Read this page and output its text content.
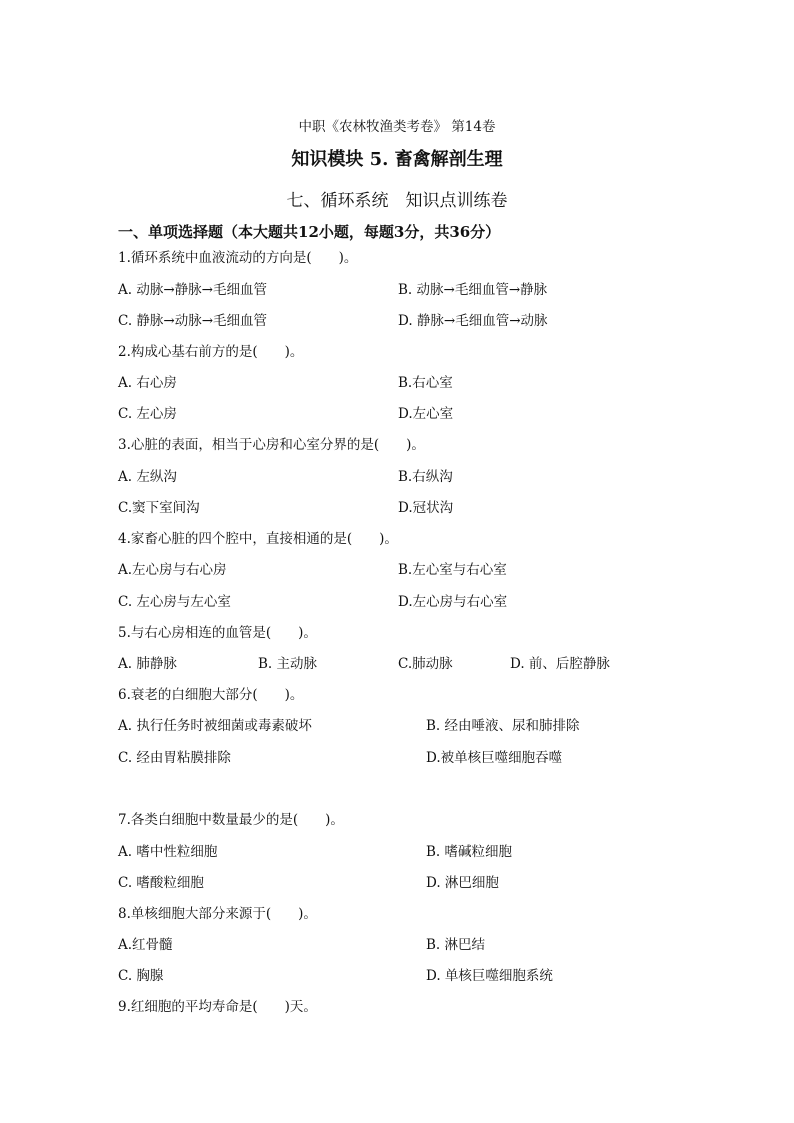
中职《农林牧渔类考卷》 第14卷
知识模块 5. 畜禽解剖生理
七、循环系统　知识点训练卷
一、单项选择题（本大题共12小题，每题3分，共36分）
1.循环系统中血液流动的方向是(　　)。
A. 动脉→静脉→毛细血管	B. 动脉→毛细血管→静脉
C. 静脉→动脉→毛细血管	D. 静脉→毛细血管→动脉
2.构成心基右前方的是(　　)。
A. 右心房	B.右心室
C. 左心房	D.左心室
3.心脏的表面，相当于心房和心室分界的是(　　)。
A. 左纵沟	B.右纵沟
C.窦下室间沟	D.冠状沟
4.家畜心脏的四个腔中，直接相通的是(　　)。
A.左心房与右心房	B.左心室与右心室
C. 左心房与左心室	D.左心房与右心室
5.与右心房相连的血管是(　　)。
A. 肺静脉	B. 主动脉	C.肺动脉	D. 前、后腔静脉
6.衰老的白细胞大部分(　　)。
A. 执行任务时被细菌或毒素破坏	B. 经由唾液、尿和肺排除
C. 经由胃粘膜排除	D.被单核巨噬细胞吞噬
7.各类白细胞中数量最少的是(　　)。
A. 嗜中性粒细胞	B. 嗜碱粒细胞
C. 嗜酸粒细胞	D. 淋巴细胞
8.单核细胞大部分来源于(　　)。
A.红骨髓	B. 淋巴结
C. 胸腺	D. 单核巨噬细胞系统
9.红细胞的平均寿命是(　　)天。
